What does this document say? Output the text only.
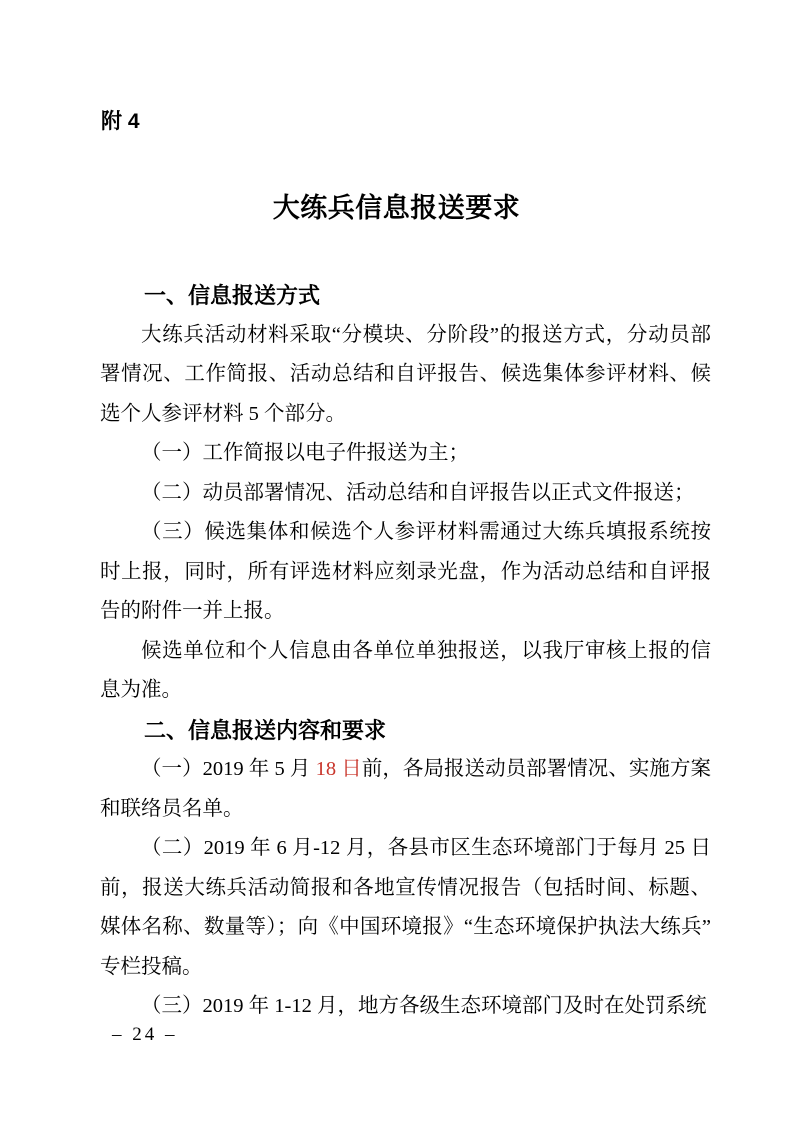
附 4
大练兵信息报送要求
一、信息报送方式

大练兵活动材料采取“分模块、分阶段”的报送方式，分动员部署情况、工作简报、活动总结和自评报告、候选集体参评材料、候选个人参评材料 5 个部分。

（一）工作简报以电子件报送为主；

（二）动员部署情况、活动总结和自评报告以正式文件报送；

（三）候选集体和候选个人参评材料需通过大练兵填报系统按时上报，同时，所有评选材料应刻录光盘，作为活动总结和自评报告的附件一并上报。

候选单位和个人信息由各单位单独报送，以我厅审核上报的信息为准。

二、信息报送内容和要求

（一）2019 年 5 月 18 日前，各局报送动员部署情况、实施方案和联络员名单。

（二）2019 年 6 月-12 月，各县市区生态环境部门于每月 25 日前，报送大练兵活动简报和各地宣传情况报告（包括时间、标题、媒体名称、数量等）；向《中国环境报》“生态环境保护执法大练兵”专栏投稿。

（三）2019 年 1-12 月，地方各级生态环境部门及时在处罚系统

– 24 –
